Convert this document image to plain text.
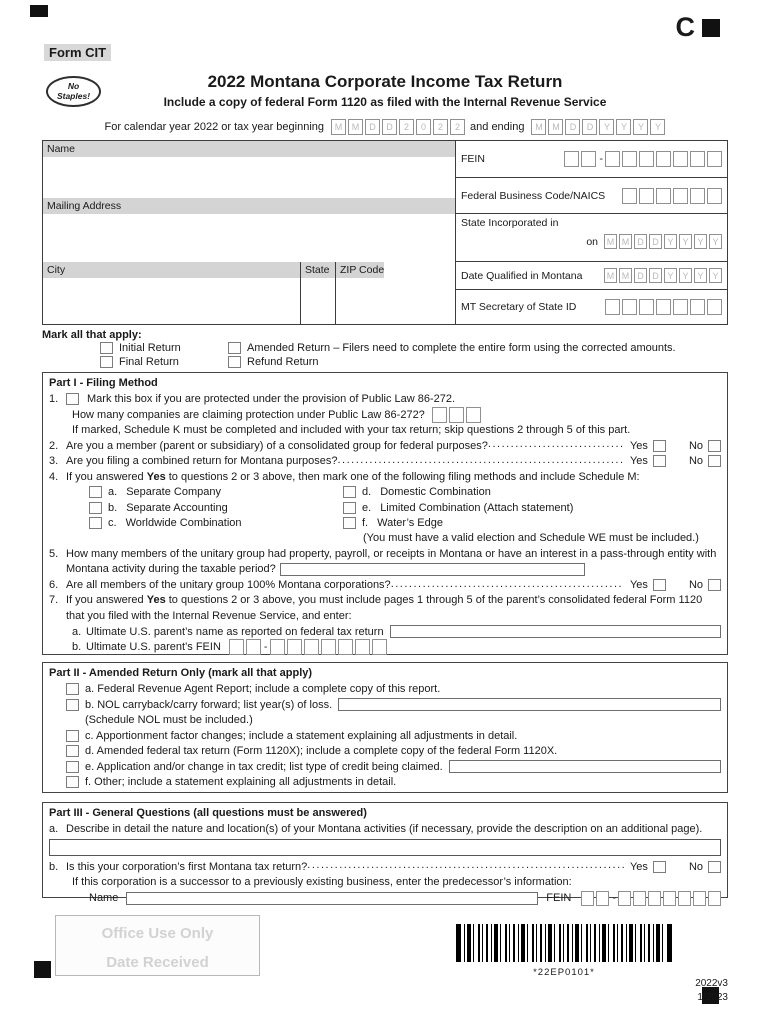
Form CIT
C
No
Staples!
2022 Montana Corporate Income Tax Return
Include a copy of federal Form 1120 as filed with the Internal Revenue Service
For calendar year 2022 or tax year beginning	M	M	D	D	2	0	2	2 and ending	M	M	D	D	Y	Y	Y	Y
Name
Mailing Address
City	State ZIP Code
FEIN	-
Federal Business Code/NAICS
State Incorporated in
on M M D D Y Y Y Y
Date Qualified in Montana	M M D D Y Y Y Y
MT Secretary of State ID
Mark all that apply:
Initial Return	Amended Return – Filers need to complete the entire form using the corrected amounts.
Final Return	Refund Return
Part I - Filing Method
1.	Mark this box if you are protected under the provision of Public Law 86-272.
How many companies are claiming protection under Public Law 86-272?
If marked, Schedule K must be completed and included with your tax return; skip questions 2 through 5 of this part.
2. Are you a member (parent or subsidiary) of a consolidated group for federal purposes? .....	Yes	No
3. Are you filing a combined return for Montana purposes? .....	Yes	No
4. If you answered
Yes
to questions 2 or 3 above, then mark one of the following filing methods and include Schedule M:
a. Separate Company	d. Domestic Combination
b. Separate Accounting	e. Limited Combination (Attach statement)
c. Worldwide Combination	f. Water’s Edge
(You must have a valid election and Schedule WE must be included.)
5. How many members of the unitary group had property, payroll, or receipts in Montana or have an interest in a pass-through entity with Montana activity during the taxable period?
6. Are all members of the unitary group 100% Montana corporations? .....	Yes	No
7. If you answered Yes to questions 2 or 3 above, you must include pages 1 through 5 of the parent’s consolidated federal Form 1120 that you filed with the Internal Revenue Service, and enter:
a. Ultimate U.S. parent’s name as reported on federal tax return
b. Ultimate U.S. parent’s FEIN	-
Part II - Amended Return Only (mark all that apply)
a. Federal Revenue Agent Report; include a complete copy of this report.
b. NOL carryback/carry forward; list year(s) of loss.
(Schedule NOL must be included.)
c. Apportionment factor changes; include a statement explaining all adjustments in detail.
d. Amended federal tax return (Form 1120X); include a complete copy of the federal Form 1120X.
e. Application and/or change in tax credit; list type of credit being claimed.
f. Other; include a statement explaining all adjustments in detail.
Part III - General Questions (all questions must be answered)
a. Describe in detail the nature and location(s) of your Montana activities (if necessary, provide the description on an additional page).
b. Is this your corporation’s first Montana tax return? .....	Yes	No
If this corporation is a successor to a previously existing business, enter the predecessor’s information:
Name	FEIN	-
Office Use Only
Date Received
*22EP0101*
2022v3
1/2023
